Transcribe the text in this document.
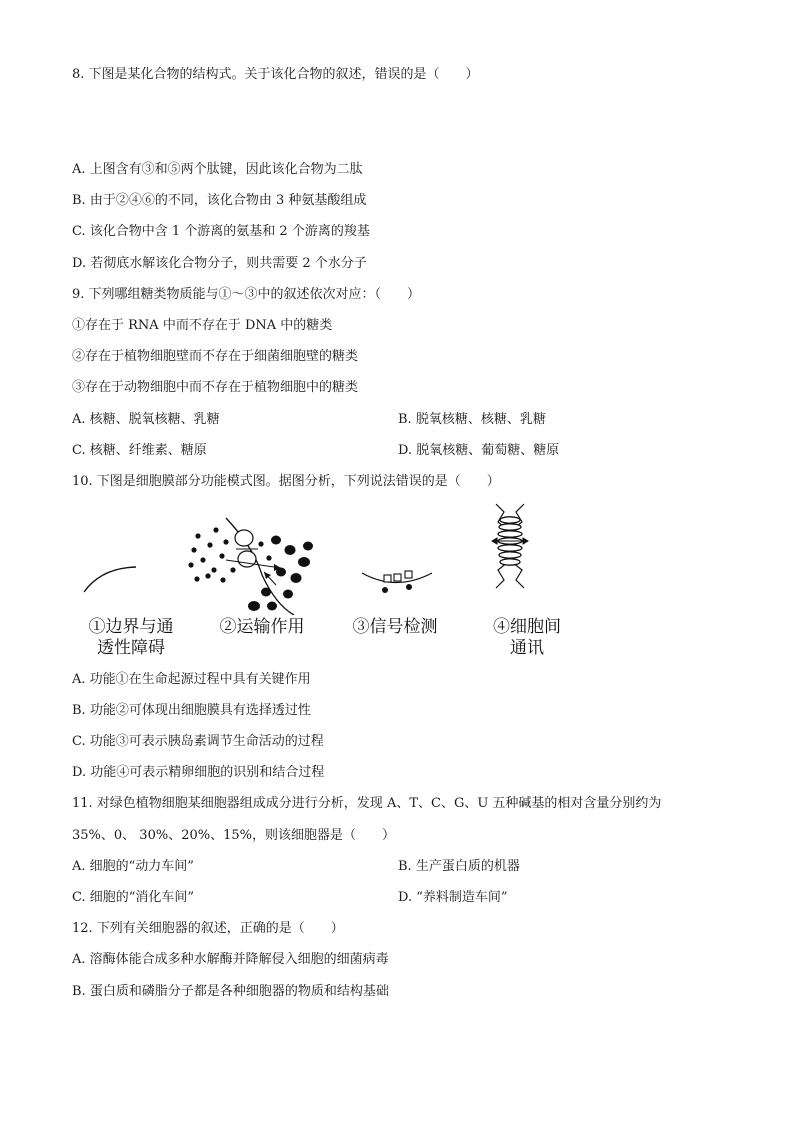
8. 下图是某化合物的结构式。关于该化合物的叙述，错误的是（　　）
A. 上图含有③和⑤两个肽键，因此该化合物为二肽
B. 由于②④⑥的不同，该化合物由 3 种氨基酸组成
C. 该化合物中含 1 个游离的氨基和 2 个游离的羧基
D. 若彻底水解该化合物分子，则共需要 2 个水分子
9. 下列哪组糖类物质能与①～③中的叙述依次对应：（　　）
①存在于 RNA 中而不存在于 DNA 中的糖类
②存在于植物细胞壁而不存在于细菌细胞壁的糖类
③存在于动物细胞中而不存在于植物细胞中的糖类
A. 核糖、脱氧核糖、乳糖	B. 脱氧核糖、核糖、乳糖
C. 核糖、纤维素、糖原	D. 脱氧核糖、葡萄糖、糖原
10. 下图是细胞膜部分功能模式图。据图分析，下列说法错误的是（　　）
①边界与通
透性障碍
②运输作用	③信号检测	④细胞间
通讯
A. 功能①在生命起源过程中具有关键作用
B. 功能②可体现出细胞膜具有选择透过性
C. 功能③可表示胰岛素调节生命活动的过程
D. 功能④可表示精卵细胞的识别和结合过程
11. 对绿色植物细胞某细胞器组成成分进行分析，发现 A、T、C、G、U 五种碱基的相对含量分别约为
35%、0、 30%、20%、15%，则该细胞器是（　　）
A. 细胞的“动力车间”	B. 生产蛋白质的机器
C. 细胞的“消化车间”	D. “养料制造车间”
12. 下列有关细胞器的叙述，正确的是（　　）
A. 溶酶体能合成多种水解酶并降解侵入细胞的细菌病毒
B. 蛋白质和磷脂分子都是各种细胞器的物质和结构基础
